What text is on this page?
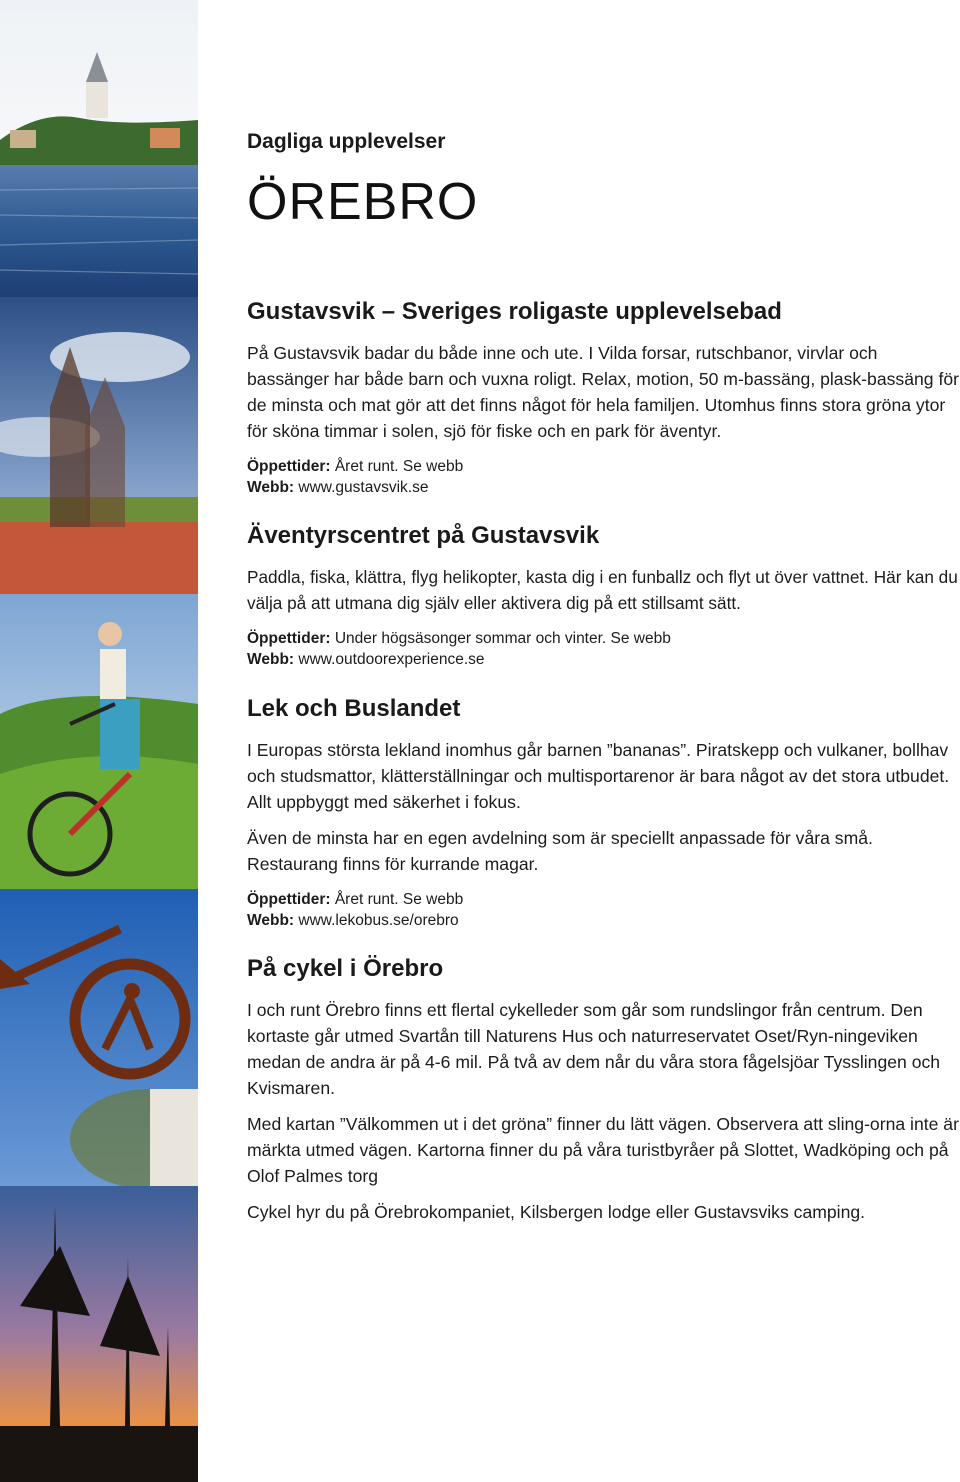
Dagliga upplevelser
ÖREBRO
Gustavsvik – Sveriges roligaste upplevelsebad

På Gustavsvik badar du både inne och ute. I Vilda forsar, rutschbanor, virvlar och bassänger har både barn och vuxna roligt. Relax, motion, 50 m-bassäng, plask-bassäng för de minsta och mat gör att det finns något för hela familjen. Utomhus finns stora gröna ytor för sköna timmar i solen, sjö för fiske och en park för äventyr.

Öppettider: Året runt. Se webb
Webb: www.gustavsvik.se
Äventyrscentret på Gustavsvik

Paddla, fiska, klättra, flyg helikopter, kasta dig i en funballz och flyt ut över vattnet. Här kan du välja på att utmana dig själv eller aktivera dig på ett stillsamt sätt.

Öppettider: Under högsäsonger sommar och vinter. Se webb
Webb: www.outdoorexperience.se
Lek och Buslandet

I Europas största lekland inomhus går barnen ”bananas”. Piratskepp och vulkaner, bollhav och studsmattor, klätterställningar och multisportarenor är bara något av det stora utbudet. Allt uppbyggt med säkerhet i fokus.

Även de minsta har en egen avdelning som är speciellt anpassade för våra små. Restaurang finns för kurrande magar.

Öppettider: Året runt. Se webb
Webb: www.lekobus.se/orebro
På cykel i Örebro

I och runt Örebro finns ett flertal cykelleder som går som rundslingor från centrum. Den kortaste går utmed Svartån till Naturens Hus och naturreservatet Oset/Ryn-ningeviken medan de andra är på 4-6 mil. På två av dem når du våra stora fågelsjöar Tysslingen och Kvismaren.

Med kartan ”Välkommen ut i det gröna” finner du lätt vägen. Observera att sling-orna inte är märkta utmed vägen. Kartorna finner du på våra turistbyråer på Slottet, Wadköping och på Olof Palmes torg

Cykel hyr du på Örebrokompaniet, Kilsbergen lodge eller Gustavsviks camping.
